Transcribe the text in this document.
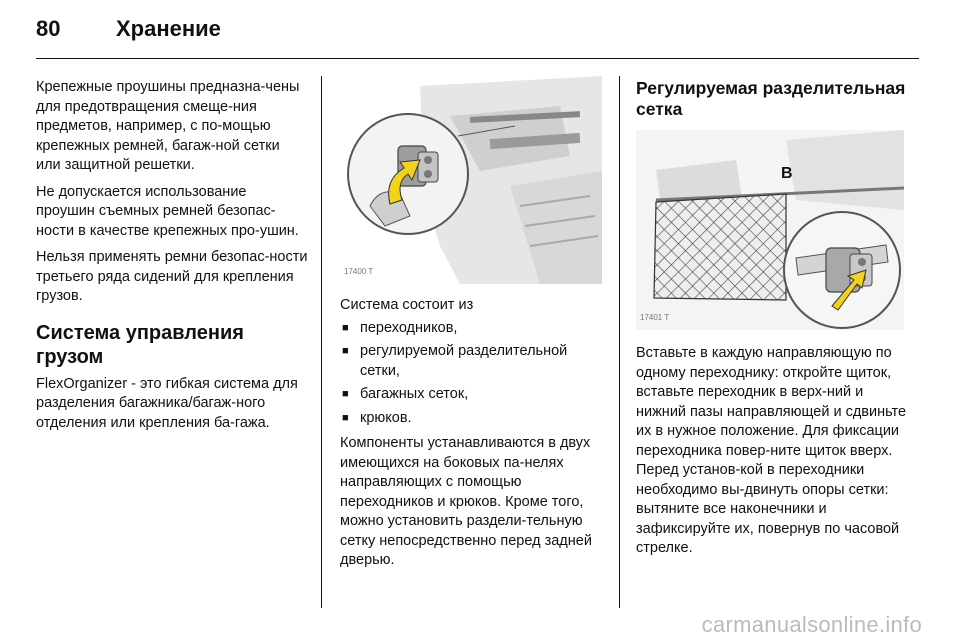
80	Хранение

Крепежные проушины предназна-чены для предотвращения смеще-ния предметов, например, с по-мощью крепежных ремней, багаж-ной сетки или защитной решетки.

Не допускается использование проушин съемных ремней безопас-ности в качестве крепежных про-ушин.

Нельзя применять ремни безопас-ности третьего ряда сидений для крепления грузов.

Система управления грузом

FlexOrganizer - это гибкая система для разделения багажника/багаж-ного отделения или крепления ба-гажа.

17400 T

Система состоит из

■ переходников,
■ регулируемой разделительной сетки,
■ багажных сеток,
■ крюков.

Компоненты устанавливаются в двух имеющихся на боковых па-нелях направляющих с помощью переходников и крюков. Кроме того, можно установить раздели-тельную сетку непосредственно перед задней дверью.

Регулируемая разделительная сетка
B
17401 T

Вставьте в каждую направляющую по одному переходнику: откройте щиток, вставьте переходник в верх-ний и нижний пазы направляющей и сдвиньте их в нужное положение. Для фиксации переходника повер-ните щиток вверх. Перед установ-кой в переходники необходимо вы-двинуть опоры сетки: вытяните все наконечники и зафиксируйте их, повернув по часовой стрелке.

carmanualsonline.info
